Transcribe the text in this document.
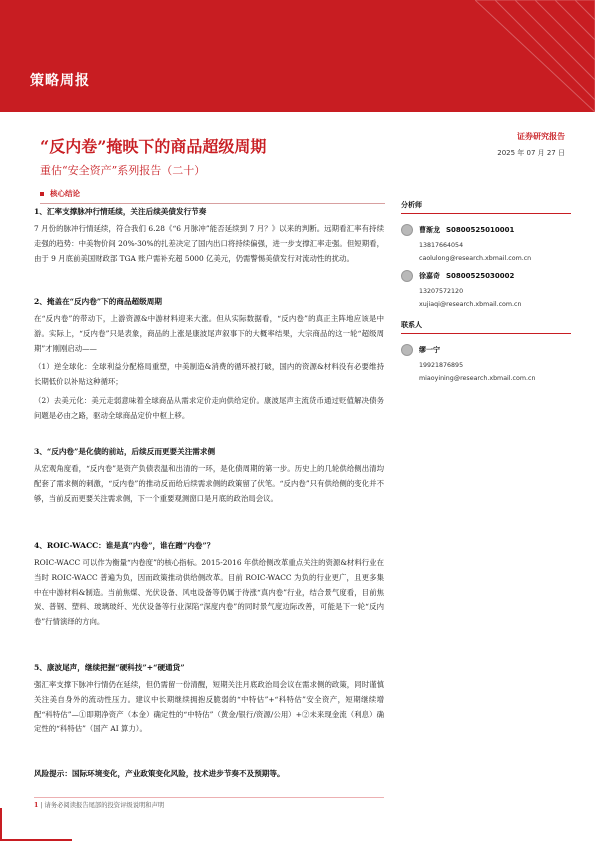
策略周报
“反内卷”掩映下的商品超级周期
重估“安全资产”系列报告（二十）
证券研究报告
2025 年 07 月 27 日
核心结论
1、汇率支撑脉冲行情延续，关注后续美债发行节奏
7 月份的脉冲行情延续，符合我们 6.28《“6 月脉冲”能否延续到 7 月？》以来的判断。远期看汇率有持续走强的趋势：中美物价间 20%-30%的扎差决定了国内出口将持续偏强，进一步支撑汇率走强。但短期看，由于 9 月底前美国财政部 TGA 账户需补充超 5000 亿美元，仍需警惕美债发行对流动性的扰动。
2、掩盖在“反内卷”下的商品超级周期
在“反内卷”的带动下，上游资源&中游材料迎来大涨。但从实际数据看，“反内卷”的真正主阵地应该是中游。实际上，“反内卷”只是表象，商品的上涨是康波尾声叙事下的大概率结果，大宗商品的这一轮“超级周期”才刚刚启动——
（1）逆全球化：全球利益分配格局重塑，中美制造&消费的循环被打破，国内的资源&材料没有必要维持长期低价以补贴这种循环；
（2）去美元化：美元走弱意味着全球商品从需求定价走向供给定价。康波尾声主流货币通过贬值解决债务问题是必由之路，驱动全球商品定价中枢上移。
3、“反内卷”是化债的前站，后续反而更要关注需求侧
从宏观角度看，“反内卷”是资产负债表温和出清的一环，是化债周期的第一步。历史上的几轮供给侧出清均配套了需求侧的刺激，“反内卷”的推动反而给后续需求侧的政策留了伏笔。“反内卷”只有供给侧的变化并不够，当前反而更要关注需求侧，下一个重要观测窗口是月底的政治局会议。
4、ROIC-WACC：谁是真“内卷”，谁在蹭“内卷”？
ROIC-WACC 可以作为衡量“内卷度”的核心指标。2015-2016 年供给侧改革重点关注的资源&材料行业在当时 ROIC-WACC 普遍为负，因而政策推动供给侧改革。目前 ROIC-WACC 为负的行业更广，且更多集中在中游材料&制造。当前焦煤、光伏设备、风电设备等仍属于待涨“真内卷”行业，结合景气度看，目前焦炭、普钢、塑料、玻璃玻纤、光伏设备等行业深陷“深度内卷”的同时景气度边际改善，可能是下一轮“反内卷”行情演绎的方向。
5、康波尾声，继续把握“硬科技”+“硬通货”
强汇率支撑下脉冲行情仍在延续，但仍需留一份清醒，短期关注月底政治局会议在需求侧的政策，同时谨慎关注美自身外的流动性压力。建议中长期继续拥抱反脆弱的“中特估”+“科特估”安全资产，短期继续增配“科特估”—①即期净资产（本金）确定性的“中特估”（黄金/银行/资源/公用）+②未来现金流（利息）确定性的“科特估”（国产 AI 算力）。
风险提示：国际环境变化，产业政策变化风险，技术进步节奏不及预期等。
分析师
曹渐龙 S0800525010001
13817664054
caolulong@research.xbmail.com.cn
徐嘉奇 S0800525030002
13207572120
xujiaqi@research.xbmail.com.cn
联系人
缪一宁
19921876895
miaoyining@research.xbmail.com.cn
1 | 请务必阅读报告尾部的投资评级说明和声明
